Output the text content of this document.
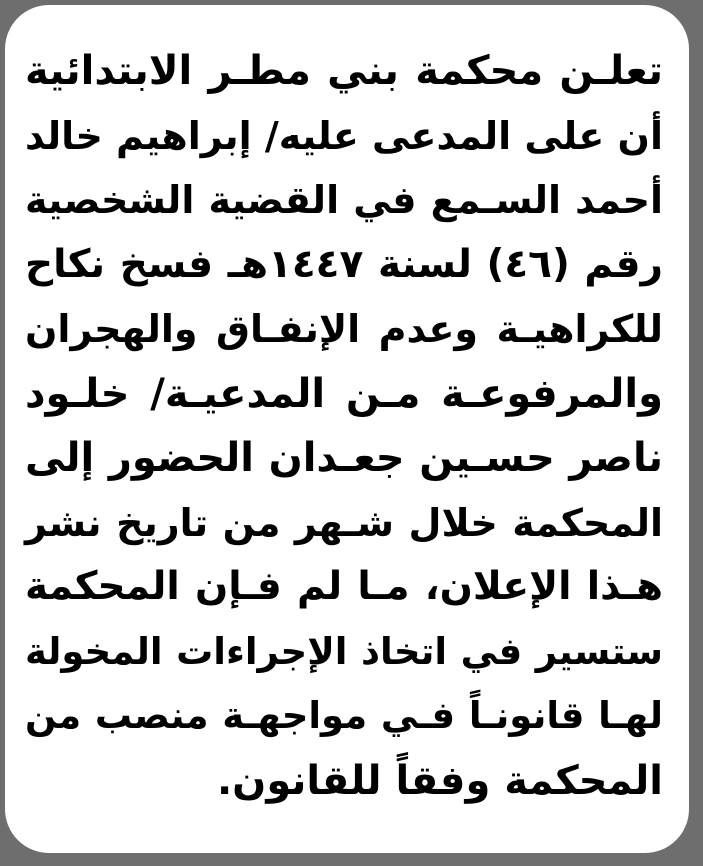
تعلـن محكمة بني مطـر الابتدائية
أن على المدعى عليه/ إبراهيم خالد
أحمد السـمع في القضية الشخصية
رقم (٤٦) لسنة ١٤٤٧هـ فسخ نكاح
للكراهيـة وعدم الإنفـاق والهجران
والمرفوعـة مـن المدعيـة/ خلـود
ناصر حسـين جعـدان الحضور إلى
المحكمة خلال شـهر من تاريخ نشر
هـذا الإعلان، مـا لم فـإن المحكمة
ستسير في اتخاذ الإجراءات المخولة
لهـا قانونـاً فـي مواجهـة منصب من
المحكمة وفقاً للقانون.
